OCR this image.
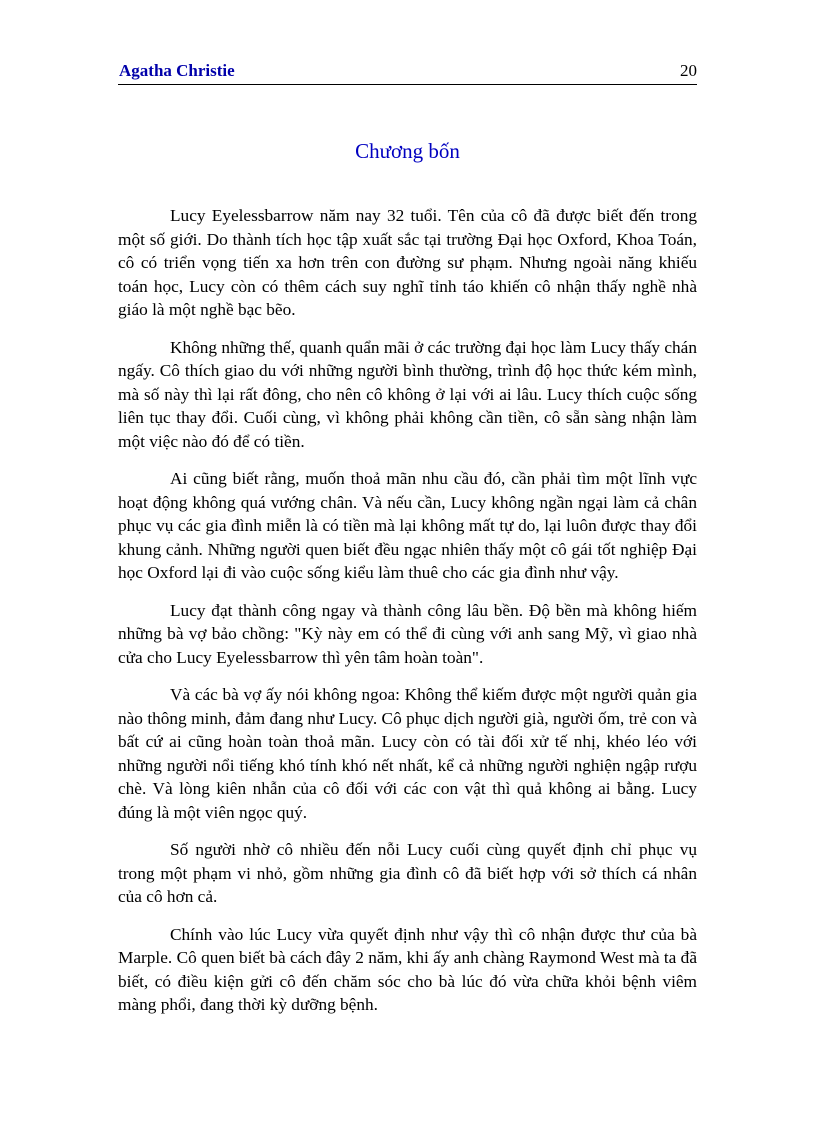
Agatha Christie	20
Chương bốn

Lucy Eyelessbarrow năm nay 32 tuổi. Tên của cô đã được biết đến trong một số giới. Do thành tích học tập xuất sắc tại trường Đại học Oxford, Khoa Toán, cô có triển vọng tiến xa hơn trên con đường sư phạm. Nhưng ngoài năng khiếu toán học, Lucy còn có thêm cách suy nghĩ tỉnh táo khiến cô nhận thấy nghề nhà giáo là một nghề bạc bẽo.

Không những thế, quanh quẩn mãi ở các trường đại học làm Lucy thấy chán ngấy. Cô thích giao du với những người bình thường, trình độ học thức kém mình, mà số này thì lại rất đông, cho nên cô không ở lại với ai lâu. Lucy thích cuộc sống liên tục thay đổi. Cuối cùng, vì không phải không cần tiền, cô sẵn sàng nhận làm một việc nào đó để có tiền.

Ai cũng biết rằng, muốn thoả mãn nhu cầu đó, cần phải tìm một lĩnh vực hoạt động không quá vướng chân. Và nếu cần, Lucy không ngần ngại làm cả chân phục vụ các gia đình miễn là có tiền mà lại không mất tự do, lại luôn được thay đổi khung cảnh. Những người quen biết đều ngạc nhiên thấy một cô gái tốt nghiệp Đại học Oxford lại đi vào cuộc sống kiểu làm thuê cho các gia đình như vậy.

Lucy đạt thành công ngay và thành công lâu bền. Độ bền mà không hiếm những bà vợ bảo chồng: "Kỳ này em có thể đi cùng với anh sang Mỹ, vì giao nhà cửa cho Lucy Eyelessbarrow thì yên tâm hoàn toàn".

Và các bà vợ ấy nói không ngoa: Không thể kiếm được một người quản gia nào thông minh, đảm đang như Lucy. Cô phục dịch người già, người ốm, trẻ con và bất cứ ai cũng hoàn toàn thoả mãn. Lucy còn có tài đối xử tế nhị, khéo léo với những người nổi tiếng khó tính khó nết nhất, kể cả những người nghiện ngập rượu chè. Và lòng kiên nhẫn của cô đối với các con vật thì quả không ai bằng. Lucy đúng là một viên ngọc quý.

Số người nhờ cô nhiều đến nỗi Lucy cuối cùng quyết định chỉ phục vụ trong một phạm vi nhỏ, gồm những gia đình cô đã biết hợp với sở thích cá nhân của cô hơn cả.

Chính vào lúc Lucy vừa quyết định như vậy thì cô nhận được thư của bà Marple. Cô quen biết bà cách đây 2 năm, khi ấy anh chàng Raymond West mà ta đã biết, có điều kiện gửi cô đến chăm sóc cho bà lúc đó vừa chữa khỏi bệnh viêm màng phổi, đang thời kỳ dưỡng bệnh.
